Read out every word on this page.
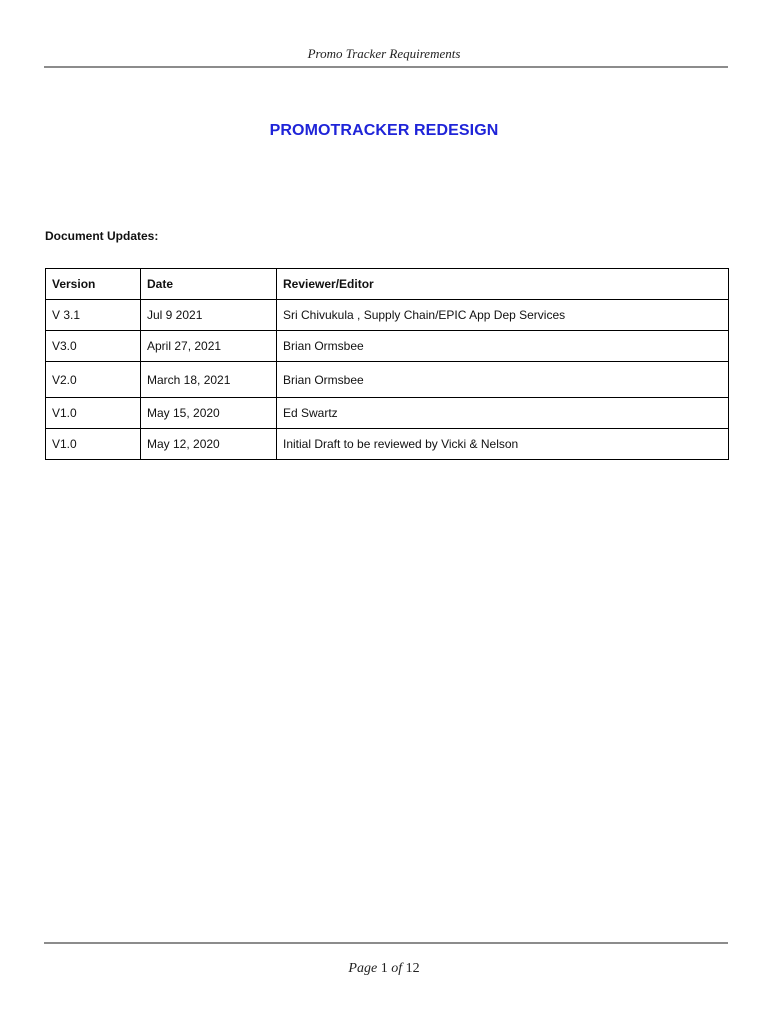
Promo Tracker Requirements
PROMOTRACKER REDESIGN
Document Updates:
Version	Date	Reviewer/Editor
V 3.1	Jul 9 2021	Sri Chivukula , Supply Chain/EPIC App Dep Services
V3.0	April 27, 2021	Brian Ormsbee
V2.0	March 18, 2021	Brian Ormsbee
V1.0	May 15, 2020	Ed Swartz
V1.0	May 12, 2020	Initial Draft to be reviewed by Vicki & Nelson
Page 1 of 12
